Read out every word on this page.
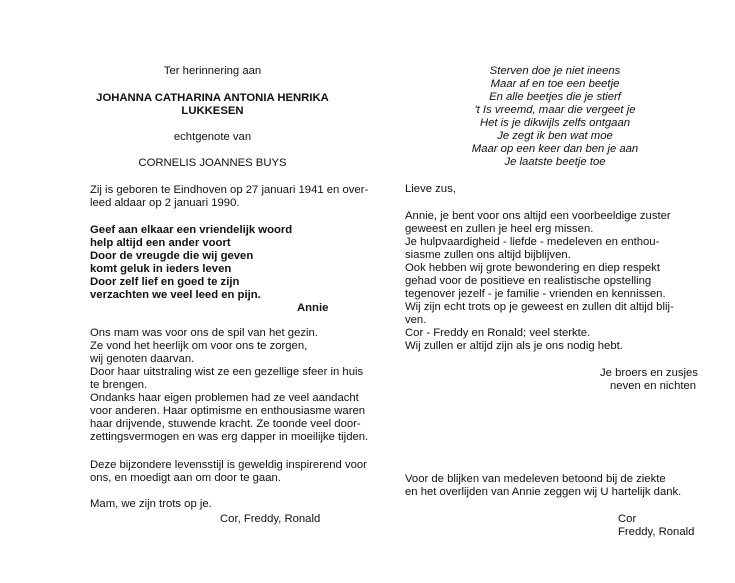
Ter herinnering aan
JOHANNA CATHARINA ANTONIA HENRIKA
LUKKESEN
echtgenote van
CORNELIS JOANNES BUYS
Zij is geboren te Eindhoven op 27 januari 1941 en over-
leed aldaar op 2 januari 1990.
Geef aan elkaar een vriendelijk woord
help altijd een ander voort
Door de vreugde die wij geven
komt geluk in ieders leven
Door zelf lief en goed te zijn
verzachten we veel leed en pijn.
Annie
Ons mam was voor ons de spil van het gezin.
Ze vond het heerlijk om voor ons te zorgen,
wij genoten daarvan.
Door haar uitstraling wist ze een gezellige sfeer in huis
te brengen.
Ondanks haar eigen problemen had ze veel aandacht
voor anderen. Haar optimisme en enthousiasme waren
haar drijvende, stuwende kracht. Ze toonde veel door-
zettingsvermogen en was erg dapper in moeilijke tijden.
Deze bijzondere levensstijl is geweldig inspirerend voor
ons, en moedigt aan om door te gaan.
Mam, we zijn trots op je.
Cor, Freddy, Ronald
Sterven doe je niet ineens
Maar af en toe een beetje
En alle beetjes die je stierf
't Is vreemd, maar die vergeet je
Het is je dikwijls zelfs ontgaan
Je zegt ik ben wat moe
Maar op een keer dan ben je aan
Je laatste beetje toe
Lieve zus,
Annie, je bent voor ons altijd een voorbeeldige zuster
geweest en zullen je heel erg missen.
Je hulpvaardigheid - liefde - medeleven en enthou-
siasme zullen ons altijd bijblijven.
Ook hebben wij grote bewondering en diep respekt
gehad voor de positieve en realistische opstelling
tegenover jezelf - je familie - vrienden en kennissen.
Wij zijn echt trots op je geweest en zullen dit altijd blij-
ven.
Cor - Freddy en Ronald; veel sterkte.
Wij zullen er altijd zijn als je ons nodig hebt.
Je broers en zusjes
neven en nichten
Voor de blijken van medeleven betoond bij de ziekte
en het overlijden van Annie zeggen wij U hartelijk dank.
Cor
Freddy, Ronald
